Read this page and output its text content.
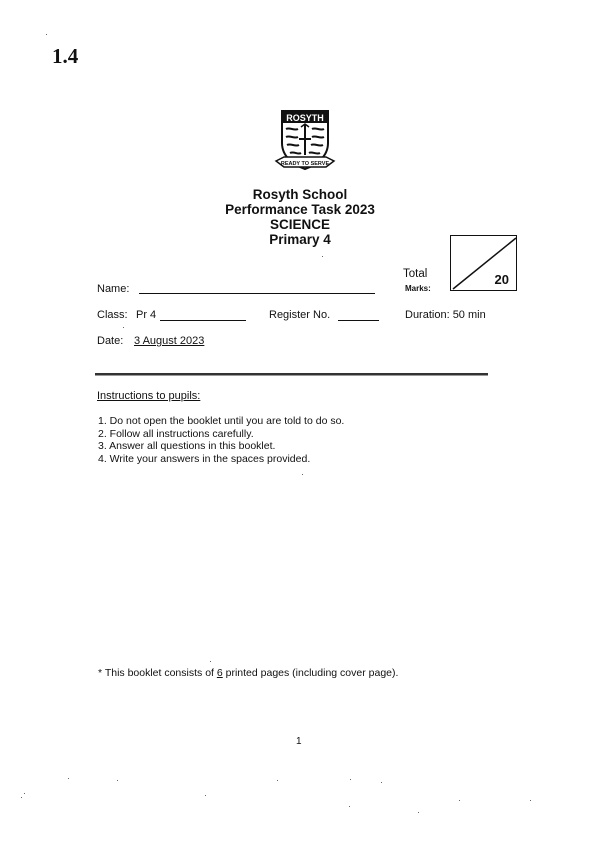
1.4
ROSYTH
READY TO SERVE
Rosyth School
Performance Task 2023
SCIENCE
Primary 4
Total
Marks:
20
Name:
Class: Pr 4	Register No.	Duration: 50 min
Date: 3 August 2023
Instructions to pupils:
1. Do not open the booklet until you are told to do so.
2. Follow all instructions carefully.
3. Answer all questions in this booklet.
4. Write your answers in the spaces provided.
* This booklet consists of 6 printed pages (including cover page).
1
